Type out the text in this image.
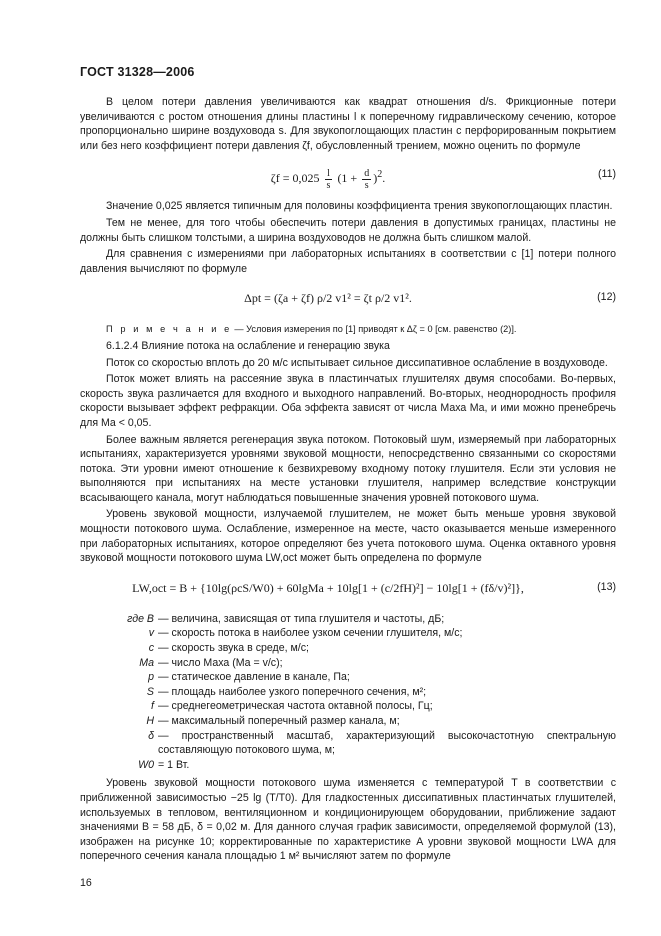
ГОСТ 31328—2006

В целом потери давления увеличиваются как квадрат отношения d/s. Фрикционные потери увеличиваются с ростом отношения длины пластины l к поперечному гидравлическому сечению, которое пропорционально ширине воздуховода s. Для звукопоглощающих пластин с перфорированным покрытием или без него коэффициент потери давления ζf, обусловленный трением, можно оценить по формуле

$\zeta f = 0,025 \frac{l}{s} (1 + \frac{d}{s} )^2$.	(11)

Значение 0,025 является типичным для половины коэффициента трения звукопоглощающих пластин.

Тем не менее, для того чтобы обеспечить потери давления в допустимых границах, пластины не должны быть слишком толстыми, а ширина воздуховодов не должна быть слишком малой.

Для сравнения с измерениями при лабораторных испытаниях в соответствии с [1] потери полного давления вычисляют по формуле

Δpt = (ζa + ζf) ρ/2 v1² = ζt ρ/2 v1².	(12)

П р и м е ч а н и е — Условия измерения по [1] приводят к Δζ = 0 [см. равенство (2)].

6.1.2.4 Влияние потока на ослабление и генерацию звука

Поток со скоростью вплоть до 20 м/с испытывает сильное диссипативное ослабление в воздуховоде.

Поток может влиять на рассеяние звука в пластинчатых глушителях двумя способами. Во-первых, скорость звука различается для входного и выходного направлений. Во-вторых, неоднородность профиля скорости вызывает эффект рефракции. Оба эффекта зависят от числа Маха Ma, и ими можно пренебречь для Ma < 0,05.

Более важным является регенерация звука потоком. Потоковый шум, измеряемый при лабораторных испытаниях, характеризуется уровнями звуковой мощности, непосредственно связанными со скоростями потока. Эти уровни имеют отношение к безвихревому входному потоку глушителя. Если эти условия не выполняются при испытаниях на месте установки глушителя, например вследствие конструкции всасывающего канала, могут наблюдаться повышенные значения уровней потокового шума.

Уровень звуковой мощности, излучаемой глушителем, не может быть меньше уровня звуковой мощности потокового шума. Ослабление, измеренное на месте, часто оказывается меньше измеренного при лабораторных испытаниях, которое определяют без учета потокового шума. Оценка октавного уровня звуковой мощности потокового шума LW,oct может быть определена по формуле

LW,oct = B + {10lg(ρcS/W0) + 60lgMa + 10lg[1 + (c/2fH)²] − 10lg[1 + (fδ/v)²]},	(13)
где B — величина, зависящая от типа глушителя и частоты, дБ;
v — скорость потока в наиболее узком сечении глушителя, м/с;
c — скорость звука в среде, м/с;
Ma — число Маха (Ma = v/c);
p — статическое давление в канале, Па;
S — площадь наиболее узкого поперечного сечения, м²;
f — среднегеометрическая частота октавной полосы, Гц;
H — максимальный поперечный размер канала, м;
δ — пространственный масштаб, характеризующий высокочастотную спектральную составляющую потокового шума, м;
W0 = 1 Вт.

Уровень звуковой мощности потокового шума изменяется с температурой T в соответствии с приближенной зависимостью −25 lg (T/T0). Для гладкостенных диссипативных пластинчатых глушителей, используемых в тепловом, вентиляционном и кондиционирующем оборудовании, приближение задают значениями B = 58 дБ, δ = 0,02 м. Для данного случая график зависимости, определяемой формулой (13), изображен на рисунке 10; корректированные по характеристике A уровни звуковой мощности LWA для поперечного сечения канала площадью 1 м² вычисляют затем по формуле

16
